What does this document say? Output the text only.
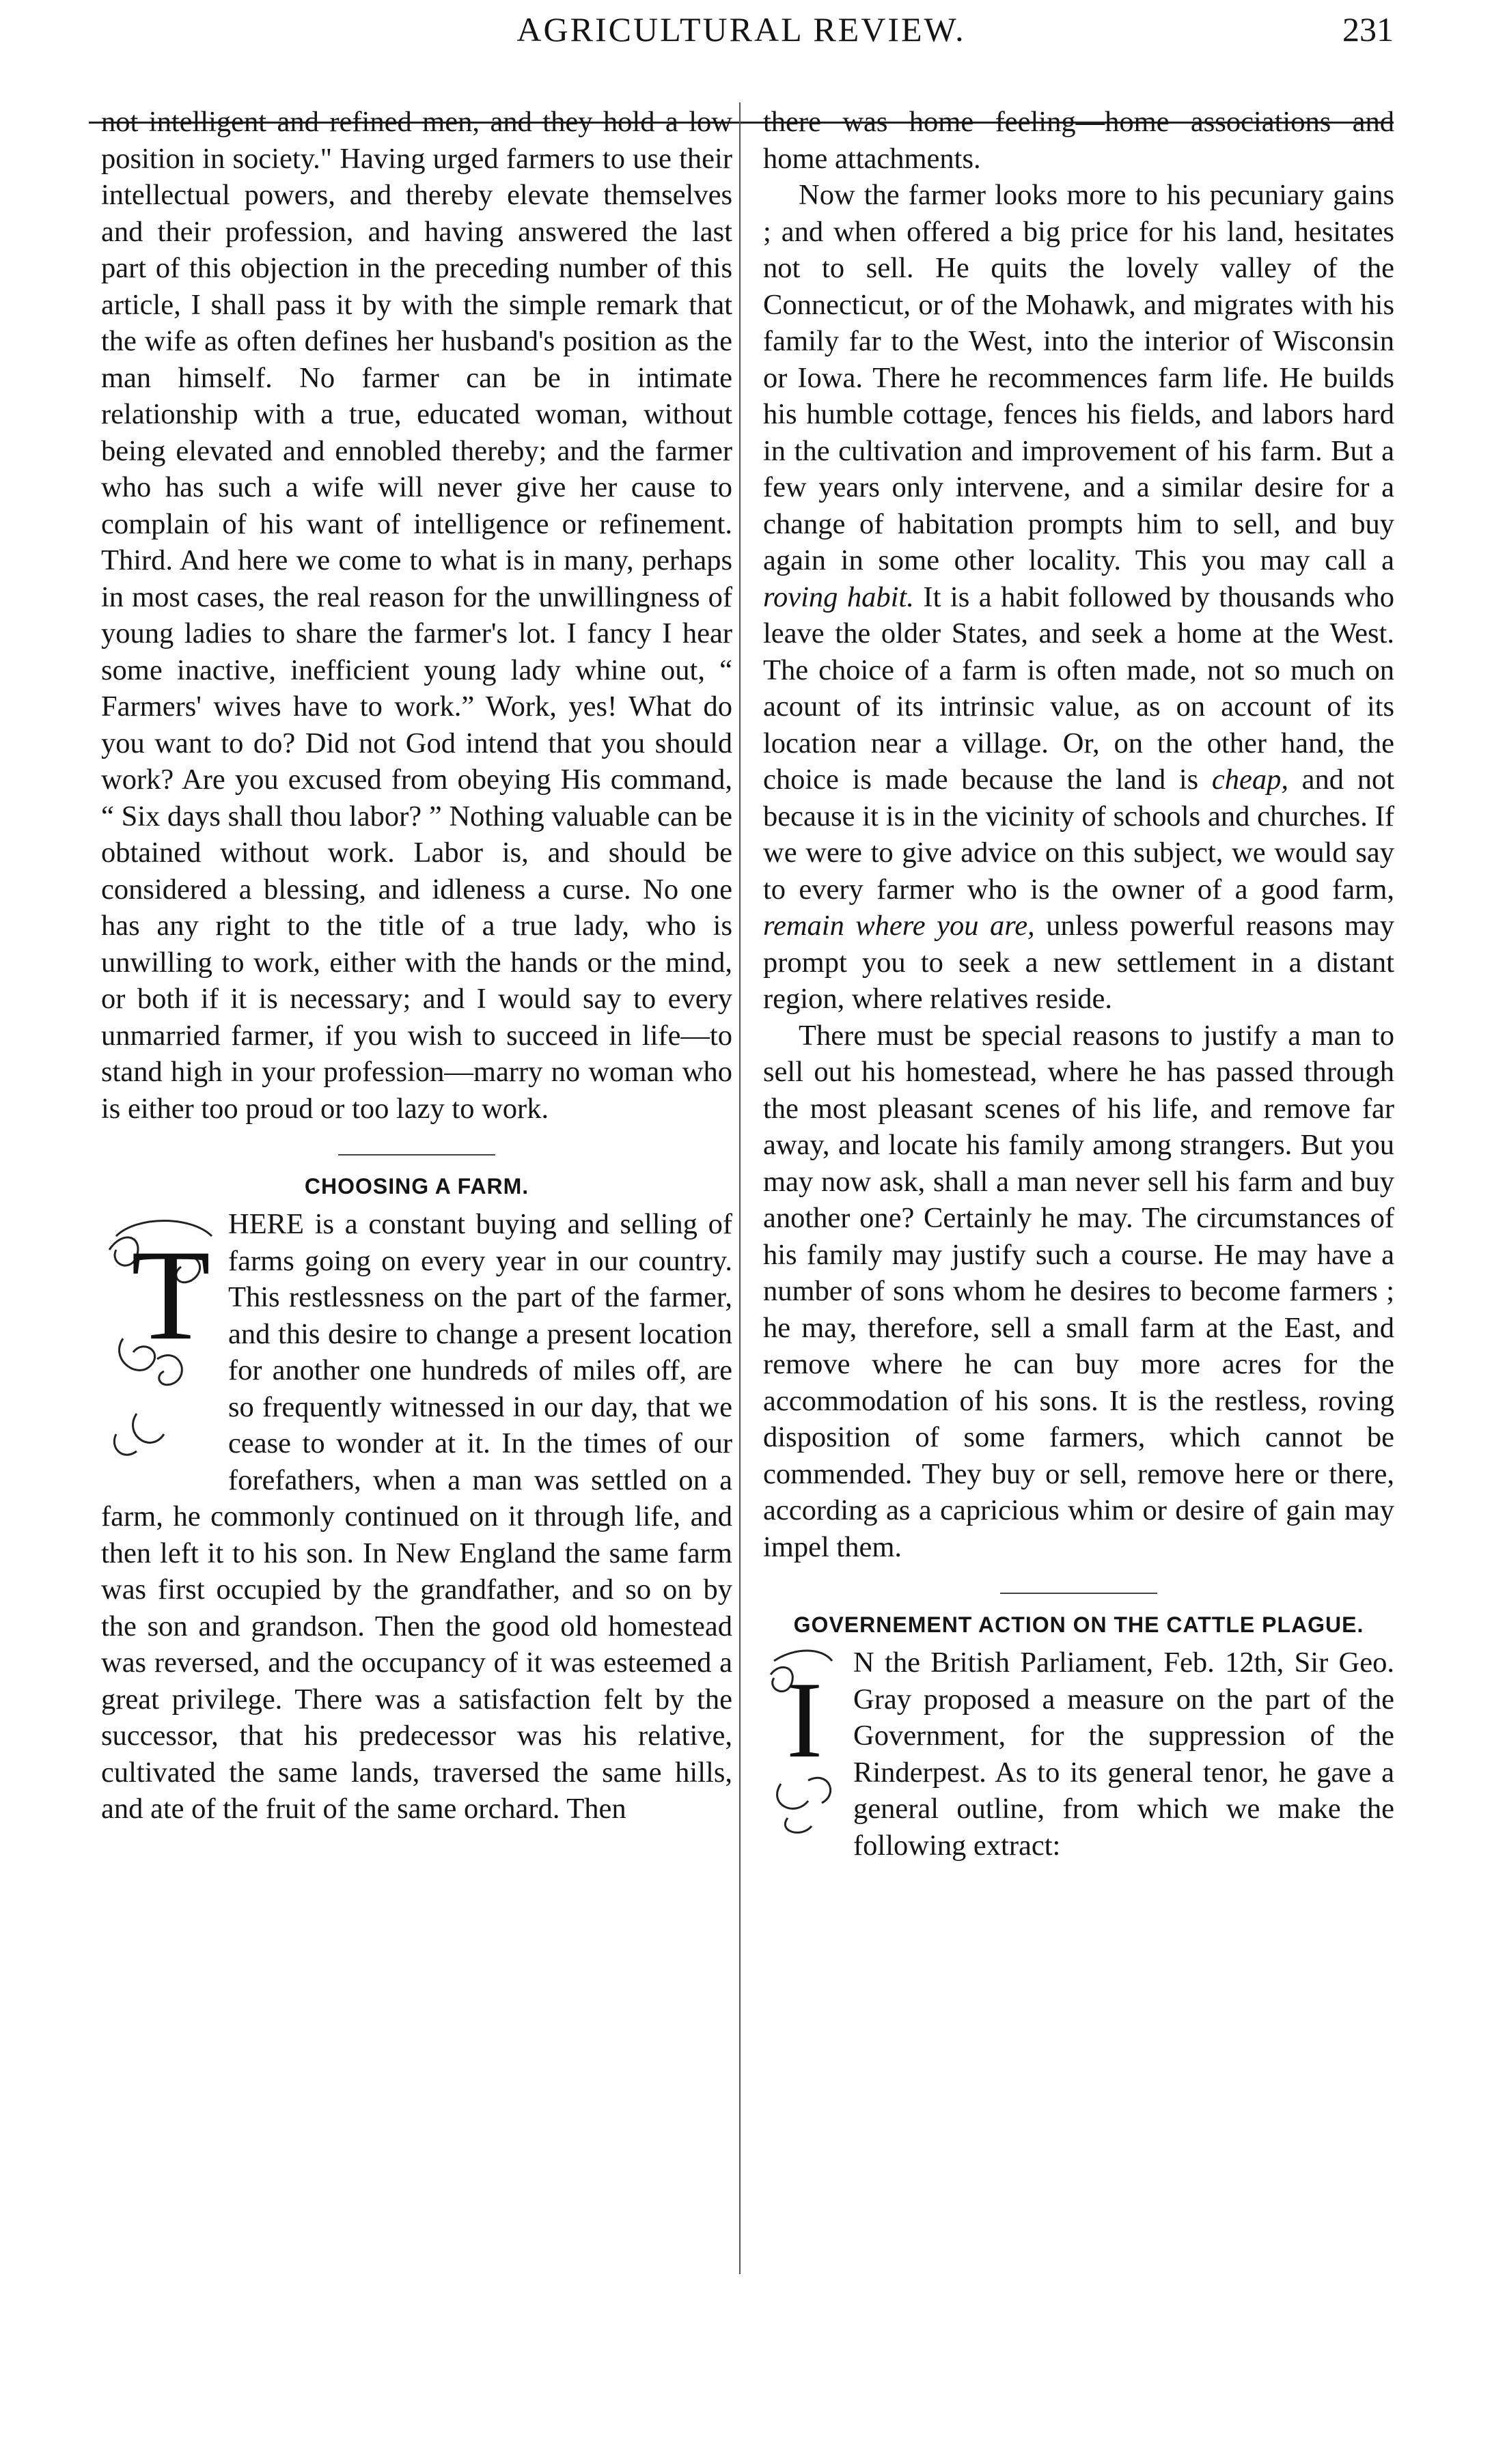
AGRICULTURAL REVIEW.	231

not intelligent and refined men, and they hold a low position in society." Having urged farmers to use their intellectual powers, and thereby elevate themselves and their profession, and having answered the last part of this objection in the preceding number of this article, I shall pass it by with the simple remark that the wife as often defines her husband's position as the man himself. No farmer can be in intimate relationship with a true, educated woman, without being elevated and ennobled thereby; and the farmer who has such a wife will never give her cause to complain of his want of intelligence or refinement. Third. And here we come to what is in many, perhaps in most cases, the real reason for the unwillingness of young ladies to share the farmer's lot. I fancy I hear some inactive, inefficient young lady whine out, “ Farmers' wives have to work.” Work, yes! What do you want to do? Did not God intend that you should work? Are you excused from obeying His command, “ Six days shall thou labor? ” Nothing valuable can be obtained without work. Labor is, and should be considered a blessing, and idleness a curse. No one has any right to the title of a true lady, who is unwilling to work, either with the hands or the mind, or both if it is necessary; and I would say to every unmarried farmer, if you wish to succeed in life—to stand high in your profession—marry no woman who is either too proud or too lazy to work.

CHOOSING A FARM.
T HERE is a constant buying and selling of farms going on every year in our country. This restlessness on the part of the farmer, and this desire to change a present location for another one hundreds of miles off, are so frequently witnessed in our day, that we cease to wonder at it. In the times of our forefathers, when a man was settled on a farm, he commonly continued on it through life, and then left it to his son. In New England the same farm was first occupied by the grandfather, and so on by the son and grandson. Then the good old homestead was reversed, and the occupancy of it was esteemed a great privilege. There was a satisfaction felt by the successor, that his predecessor was his relative, cultivated the same lands, traversed the same hills, and ate of the fruit of the same orchard. Then

there was home feeling—home associations and home attachments.

Now the farmer looks more to his pecuniary gains ; and when offered a big price for his land, hesitates not to sell. He quits the lovely valley of the Connecticut, or of the Mohawk, and migrates with his family far to the West, into the interior of Wisconsin or Iowa. There he recommences farm life. He builds his humble cottage, fences his fields, and labors hard in the cultivation and improvement of his farm. But a few years only intervene, and a similar desire for a change of habitation prompts him to sell, and buy again in some other locality. This you may call a roving habit. It is a habit followed by thousands who leave the older States, and seek a home at the West. The choice of a farm is often made, not so much on acount of its intrinsic value, as on account of its location near a village. Or, on the other hand, the choice is made because the land is cheap, and not because it is in the vicinity of schools and churches. If we were to give advice on this subject, we would say to every farmer who is the owner of a good farm, remain where you are, unless powerful reasons may prompt you to seek a new settlement in a distant region, where relatives reside.

There must be special reasons to justify a man to sell out his homestead, where he has passed through the most pleasant scenes of his life, and remove far away, and locate his family among strangers. But you may now ask, shall a man never sell his farm and buy another one? Certainly he may. The circumstances of his family may justify such a course. He may have a number of sons whom he desires to become farmers ; he may, therefore, sell a small farm at the East, and remove where he can buy more acres for the accommodation of his sons. It is the restless, roving disposition of some farmers, which cannot be commended. They buy or sell, remove here or there, according as a capricious whim or desire of gain may impel them.

GOVERNEMENT ACTION ON THE CATTLE PLAGUE.
I	N the British Parliament, Feb. 12th, Sir Geo. Gray proposed a measure on the part of the Government, for the suppression of the Rinderpest. As to its general tenor, he gave a general outline, from which we make the following extract:
